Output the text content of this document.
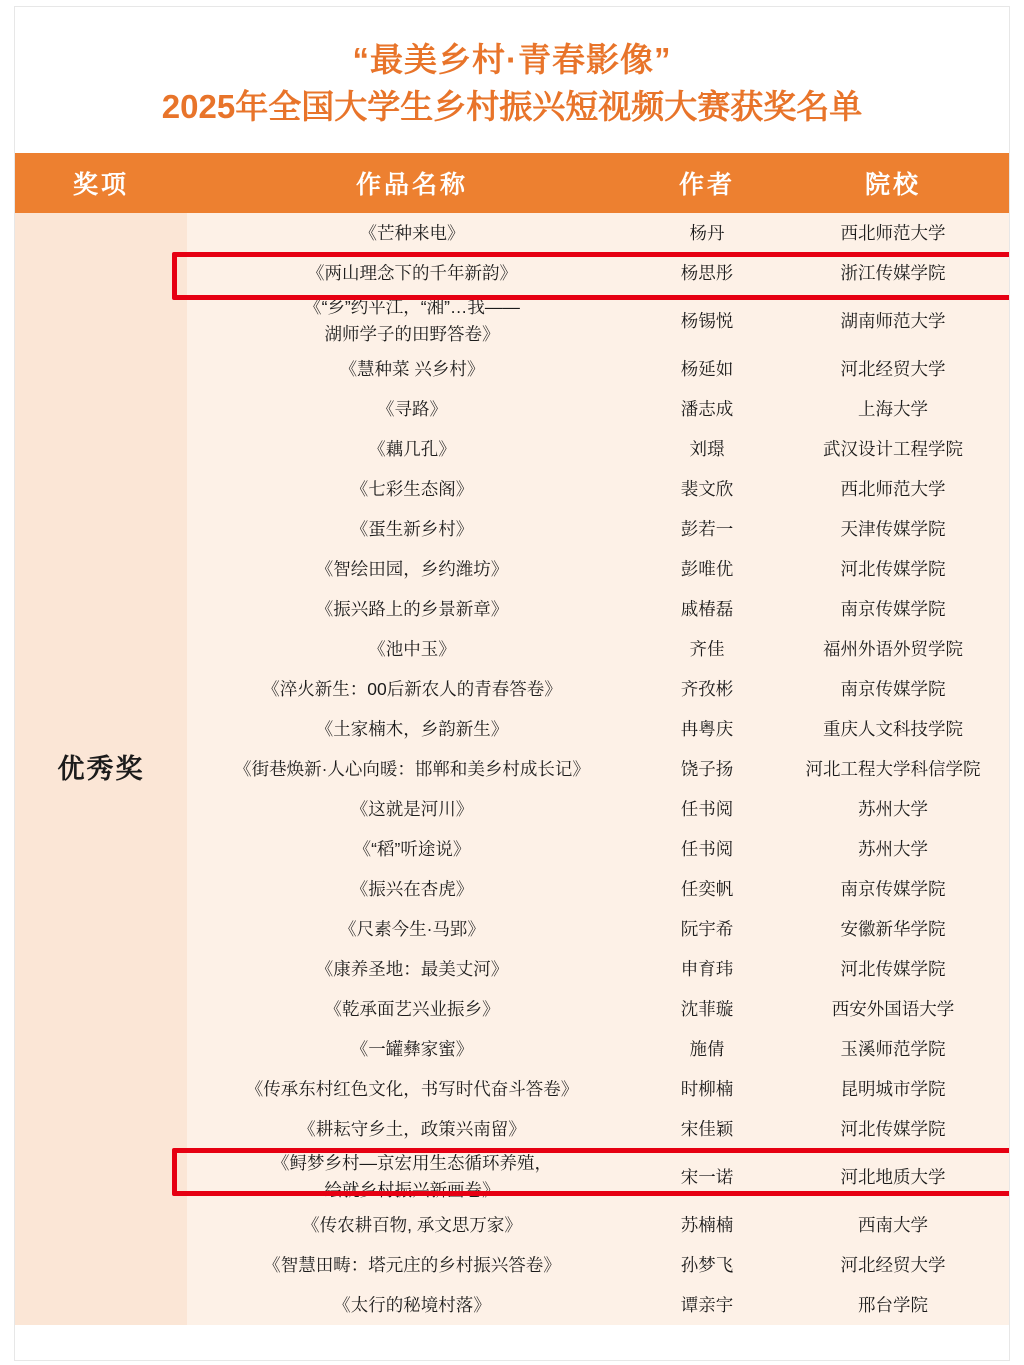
“最美乡村·青春影像”
2025年全国大学生乡村振兴短视频大赛获奖名单
奖项	作品名称	作者	院校
优秀奖	《芒种来电》	杨丹	西北师范大学
	《两山理念下的千年新韵》	杨思彤	浙江传媒学院
	《“乡”约平江，“湘”…我——
湖师学子的田野答卷》	杨锡悦	湖南师范大学
	《慧种菜 兴乡村》	杨延如	河北经贸大学
	《寻路》	潘志成	上海大学
	《藕几孔》	刘璟	武汉设计工程学院
	《七彩生态阁》	裴文欣	西北师范大学
	《蛋生新乡村》	彭若一	天津传媒学院
	《智绘田园，乡约潍坊》	彭唯优	河北传媒学院
	《振兴路上的乡景新章》	戚椿磊	南京传媒学院
	《池中玉》	齐佳	福州外语外贸学院
	《淬火新生：00后新农人的青春答卷》	齐孜彬	南京传媒学院
	《土家楠木，乡韵新生》	冉粤庆	重庆人文科技学院
	《街巷焕新·人心向暖：邯郸和美乡村成长记》	饶子扬	河北工程大学科信学院
	《这就是河川》	任书阅	苏州大学
	《“稻”听途说》	任书阅	苏州大学
	《振兴在杏虎》	任奕帆	南京传媒学院
	《尺素今生·马郢》	阮宇希	安徽新华学院
	《康养圣地：最美丈河》	申育玮	河北传媒学院
	《乾承面艺兴业振乡》	沈菲璇	西安外国语大学
	《一罐彝家蜜》	施倩	玉溪师范学院
	《传承东村红色文化，书写时代奋斗答卷》	时柳楠	昆明城市学院
	《耕耘守乡土，政策兴南留》	宋佳颖	河北传媒学院
	《鲟梦乡村—京宏用生态循环养殖，
绘就乡村振兴新画卷》	宋一诺	河北地质大学
	《传农耕百物, 承文思万家》	苏楠楠	西南大学
	《智慧田畴：塔元庄的乡村振兴答卷》	孙梦飞	河北经贸大学
	《太行的秘境村落》	谭亲宇	邢台学院
